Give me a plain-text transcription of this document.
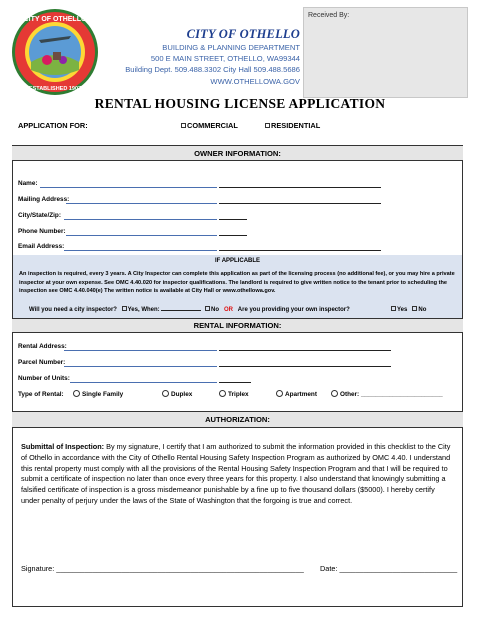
CITY OF OTHELLO
ESTABLISHED 1907
CITY OF OTHELLO
BUILDING & PLANNING DEPARTMENT
500 E MAIN STREET, OTHELLO, WA99344
Building Dept. 509.488.3302 City Hall 509.488.5686
WWW.OTHELLOWA.GOV
Received By:
RENTAL HOUSING LICENSE APPLICATION
APPLICATION FOR:	COMMERCIAL	RESIDENTIAL
OWNER INFORMATION:
Name:
Mailing Address:
City/State/Zip:
Phone Number:
Email Address:
IF APPLICABLE
An inspection is required, every 3 years. A City Inspector can complete this application as part of the licensing process (no additional fee), or you may hire a private inspector at your own expense. See OMC 4.40.020 for inspector qualifications. The landlord is required to give written notice to the tenant prior to scheduling the inspection see OMC 4.40.040(e) The written notice is available at City Hall or www.othellowa.gov.
Will you need a city inspector? Yes, When:	No OR Are you providing your own inspector?	Yes No
RENTAL INFORMATION:
Rental Address:
Parcel Number:
Number of Units:
Type of Rental:	Single Family	Duplex	Triplex	Apartment	Other: _______________________
AUTHORIZATION:
Submittal of Inspection: By my signature, I certify that I am authorized to submit the information provided in this checklist to the City of Othello in accordance with the City of Othello Rental Housing Safety Inspection Program as authorized by OMC 4.40. I understand this rental property must comply with all the provisions of the Rental Housing Safety Inspection Program and that I will be required to submit a certificate of inspection no later than once every three years for this property. I also understand that knowingly submitting a falsified certificate of inspection is a gross misdemeanor punishable by a fine up to five thousand dollars ($5000). I hereby certify under penalty of perjury under the laws of the State of Washington that the forgoing is true and correct.
Signature: _____________________________________________________________ Date: _____________________________
